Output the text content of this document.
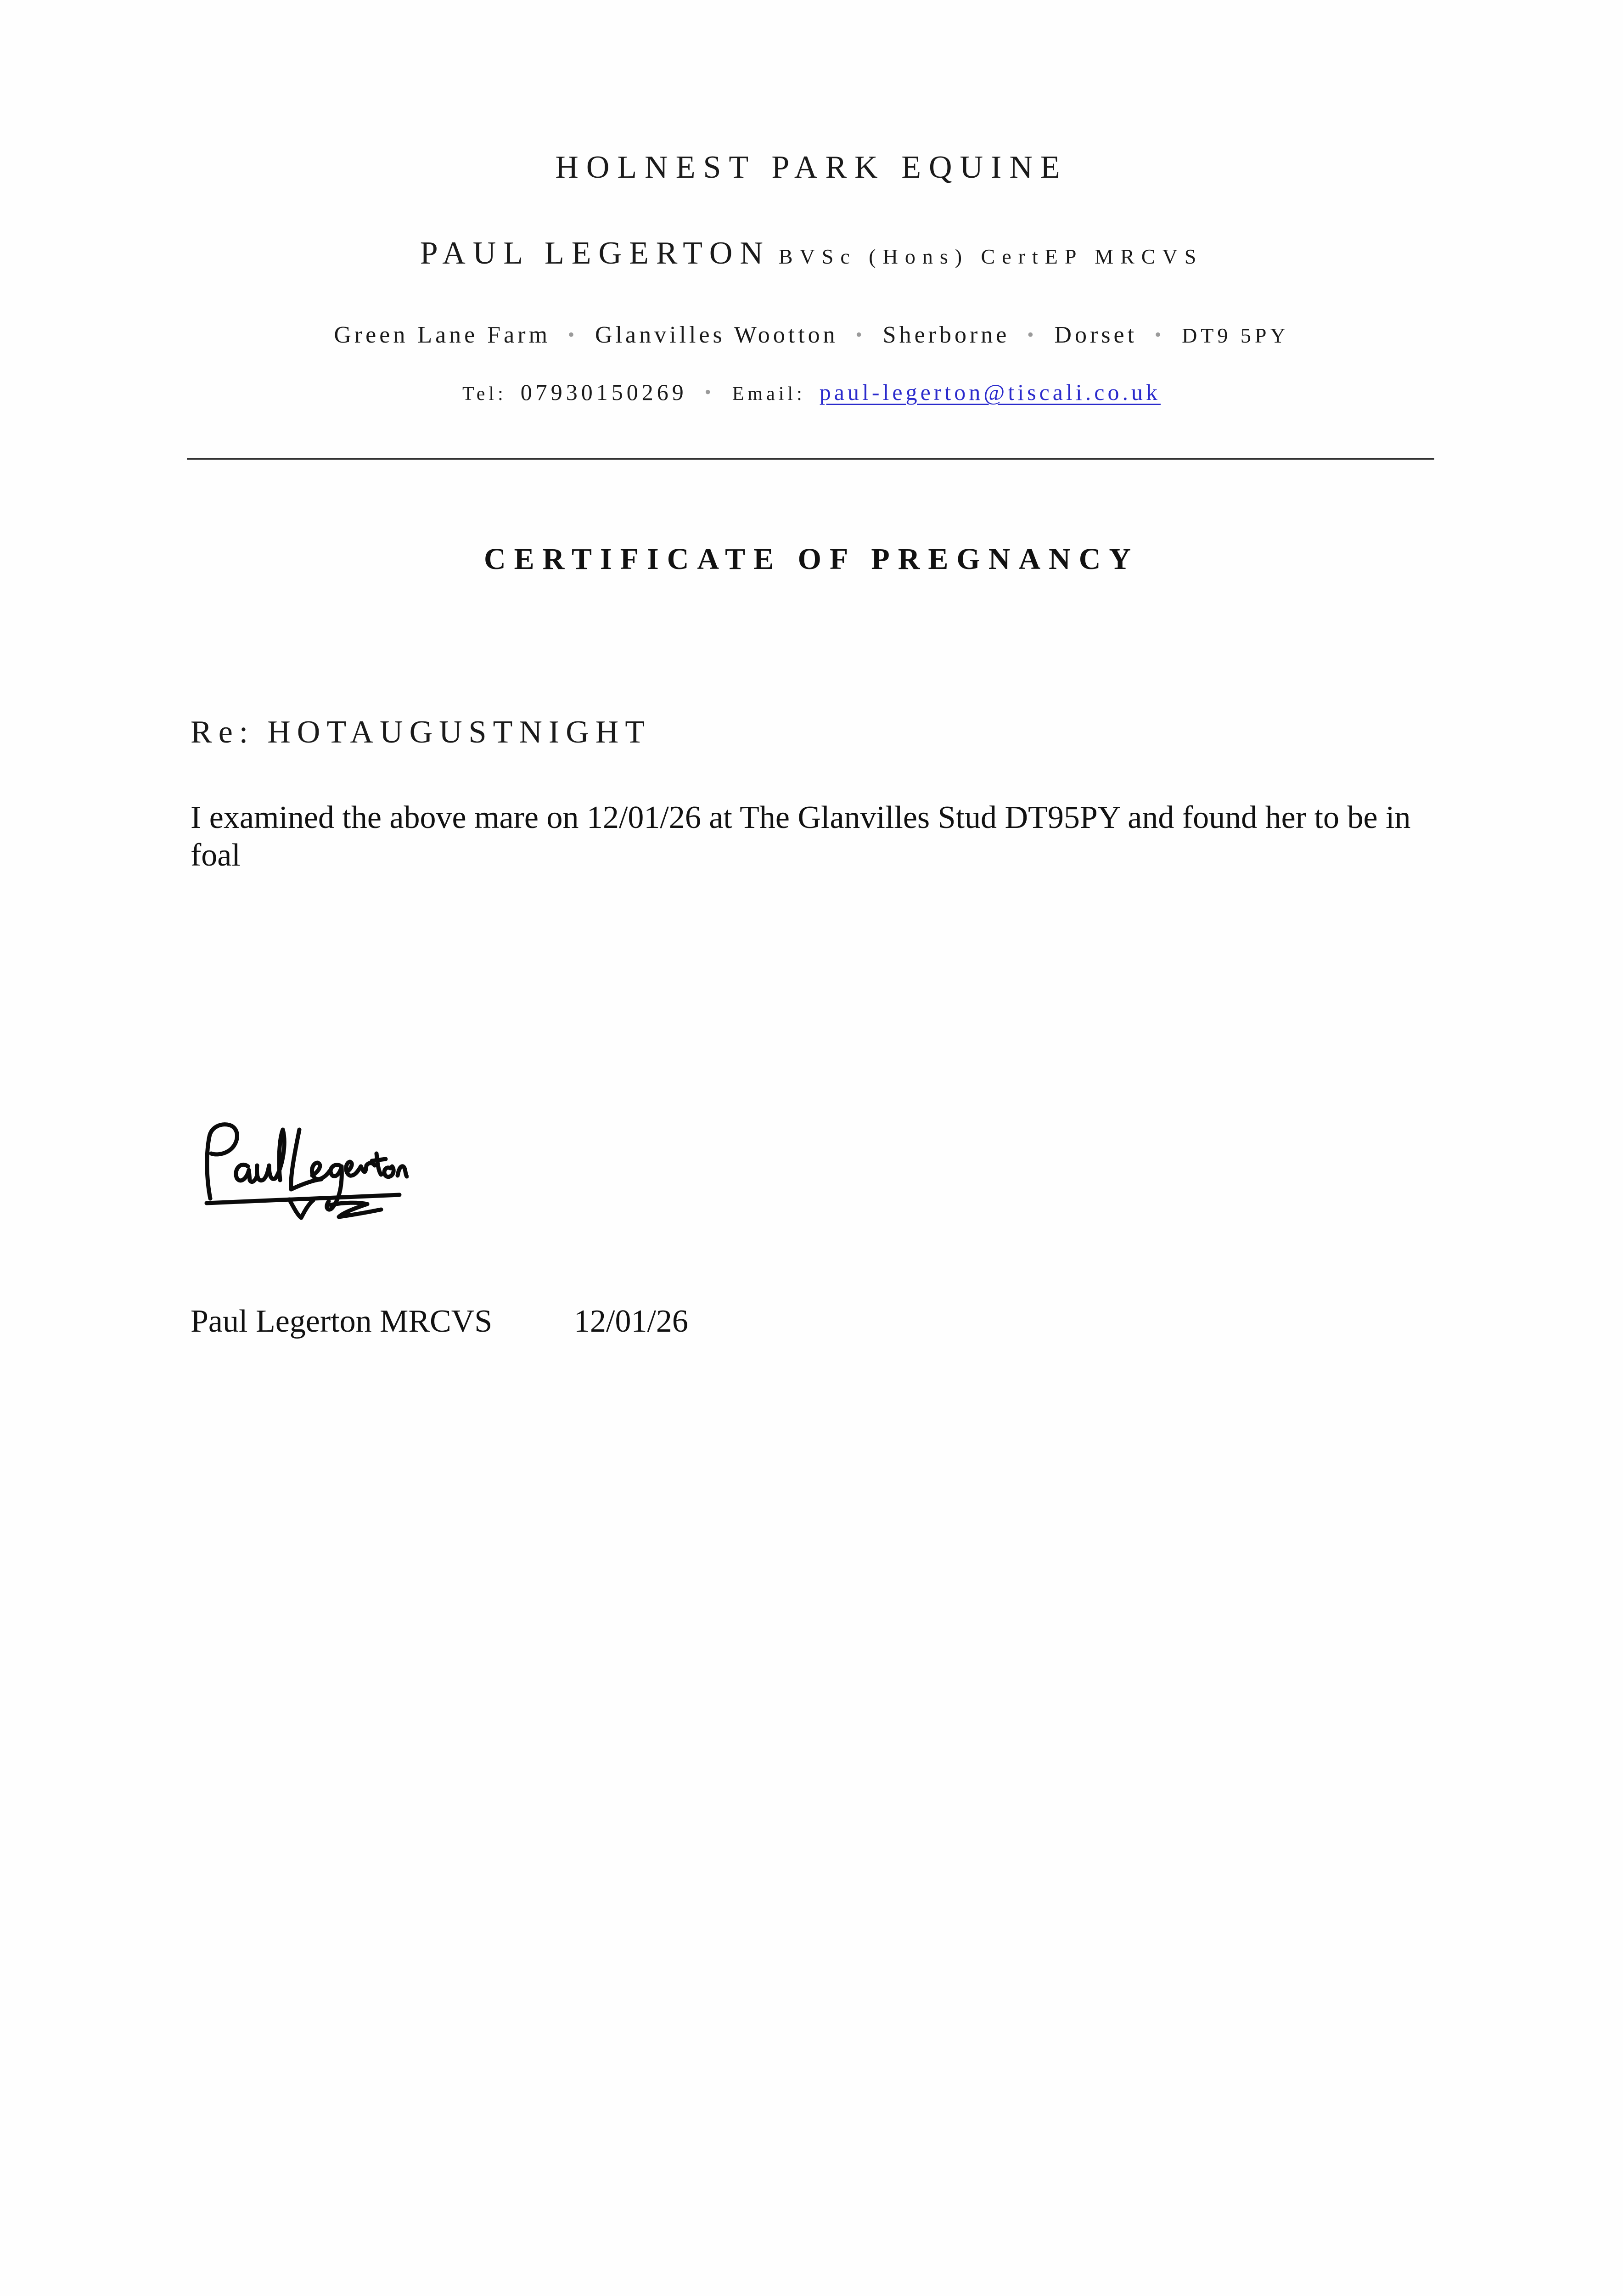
HOLNEST PARK EQUINE
PAUL LEGERTON BVSc (Hons) CertEP MRCVS
Green Lane Farm • Glanvilles Wootton • Sherborne • Dorset • DT9 5PY
Tel: 07930150269 • Email: paul-legerton@tiscali.co.uk
CERTIFICATE OF PREGNANCY
Re: HOTAUGUSTNIGHT
I examined the above mare on 12/01/26 at The Glanvilles Stud DT95PY and found her to be in foal
Paul Legerton MRCVS	12/01/26
